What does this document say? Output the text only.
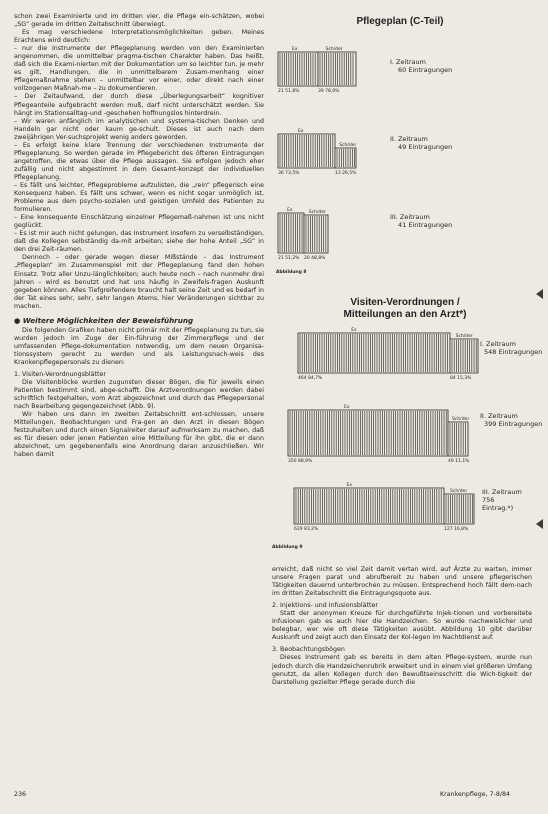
schon zwei Examinierte und im dritten vier, die Pflege ein-schätzen, wobei „SG“ gerade im dritten Zeitabschnitt überwiegt.

Es mag verschiedene Interpretationsmöglichkeiten geben. Meines Erachtens wird deutlich:

– nur die Instrumente der Pflegeplanung werden von den Examinierten angenommen, die unmittelbar pragma-tischen Charakter haben. Das heißt, daß sich die Exami-nierten mit der Dokumentation um so leichter tun, je mehr es gilt, Handlungen, die in unmittelbarem Zusam-menhang einer Pflegemaßnahme stehen – unmittelbar vor einer, oder direkt nach einer vollzogenen Maßnah-me – zu dokumentieren.

– Der Zeitaufwand, der durch diese „Überlegungsarbeit“ kognitiver Pflegeanteile aufgebracht werden muß, darf nicht unterschätzt werden. Sie hängt im Stationsalltag-und -geschehen hoffnungslos hinterdrein.

– Wir waren anfänglich im analytischen und systema-tischen Denken und Handeln gar nicht oder kaum ge-schult. Dieses ist auch nach dem zweijährigen Ver-suchsprojekt wenig anders geworden.

– Es erfolgt keine klare Trennung der verschiedenen Instrumente der Pflegeplanung. So werden gerade im Pflegebericht des öfteren Eintragungen angetroffen, die etwas über die Pflege aussagen. Sie erfolgen jedoch eher zufällig und nicht abgestimmt in dem Gesamt-konzept der individuellen Pflegeplanung.

– Es fällt uns leichter, Pflegeprobleme aufzulisten, die „rein“ pflegerisch eine Konsequenz haben. Es fällt uns schwer, wenn es nicht sogar unmöglich ist, Probleme aus dem psycho-sozialen und geistigen Umfeld des Patienten zu formulieren.

– Eine konsequente Einschätzung einzelner Pflegemaß-nahmen ist uns nicht geglückt.

– Es ist mir auch nicht gelungen, das Instrument insofern zu verselbständigen, daß die Kollegen selbständig da-mit arbeiten; siehe der hohe Anteil „SG“ in den drei Zeit-räumen.

Dennoch – oder gerade wegen dieser Mißstände – das Instrument „Pflegeplan“ im Zusammenspiel mit der Pflegeplanung fand den hohen Einsatz. Trotz aller Unzu-länglichkeiten; auch heute noch – nach nunmehr drei Jahren – wird es benutzt und hat uns häufig in Zweifels-fragen Auskunft gegeben können. Alles Tiefgreifendere braucht halt seine Zeit und es bedarf in der Tat eines sehr, sehr, sehr langen Atems, hier Veränderungen sichtbar zu machen.

● Weitere Möglichkeiten der Beweisführung

Die folgenden Grafiken haben nicht primär mit der Pflegeplanung zu tun, sie wurden jedoch im Zuge der Ein-führung der Zimmerpflege und der umfassenden Pflege-dokumentation notwendig, um dem neuen Organisa-tionssystem gerecht zu werden und als Leistungsnach-weis des Krankenpflegepersonals zu dienen:

1. Visiten-Verordnungsblätter

Die Visitenblöcke wurden zugunsten dieser Bögen, die für jeweils einen Patienten bestimmt sind, abge-schafft. Die Arztverordnungen werden dabei schriftlich festgehalten, vom Arzt abgezeichnet und durch das Pflegepersonal nach Bearbeitung gegengezeichnet (Abb. 9).

Wir haben uns dann im zweiten Zeitabschnitt ent-schlossen, unsere Mitteilungen, Beobachtungen und Fra-gen an den Arzt in diesen Bögen festzuhalten und durch einen Signalreiter darauf aufmerksam zu machen, daß es für diesen oder jenen Patienten eine Mitteilung für ihn gibt, die er dann abzeichnet, um gegebenenfalls eine Anordnung daran anzuschließen. Wir haben damit

Pflegeplan (C-Teil)
Ex	Sch/der
21 51,8%	39 78,0%
I. Zeitraum
60 Eintragungen
Ex
Sch/der
36 73,5%	13 26,5%
II. Zeitraum
49 Eintragungen
Ex	Sch/der
21 51,2% 20 48,8%
III. Zeitraum
41 Eintragungen
Abbildung 8
Visiten-Verordnungen /
Mitteilungen an den Arzt*)
Ex
Sch/der
464 84,7%	84 15,3%
I. Zeitraum
548 Eintragungen
Ex
Sch/der
350 88,9%	49 11,1%
II. Zeitraum
399 Eintragungen
Ex
Sch/der
629 83,2%	127 16,8%
III. Zeitraum
756 Eintrag.*)
Abbildung 9

erreicht, daß nicht so viel Zeit damit vertan wird, auf Ärzte zu warten, immer unsere Fragen parat und abrufbereit zu haben und unsere pflegerischen Tätigkeiten dauernd unterbrochen zu müssen. Entsprechend hoch fällt dem-nach im dritten Zeitabschnitt die Eintragungsquote aus.

2. Injektions- und Infusionsblätter

Statt der anonymen Kreuze für durchgeführte Injek-tionen und vorbereitete Infusionen gab es auch hier die Handzeichen. So wurde nachweislicher und belegbar, wer wie oft diese Tätigkeiten ausübt. Abbildung 10 gibt darüber Auskunft und zeigt auch den Einsatz der Kol-legen im Nachtdienst auf.

3. Beobachtungsbögen

Dieses Instrument gab es bereits in dem alten Pflege-system, wurde nun jedoch durch die Handzeichenrubrik erweitert und in einem viel größeren Umfang genutzt, da allen Kollegen durch den Bewußtseinsschritt die Wich-tigkeit der Darstellung gezielter Pflege gerade durch die

236	Krankenpflege, 7-8/84
